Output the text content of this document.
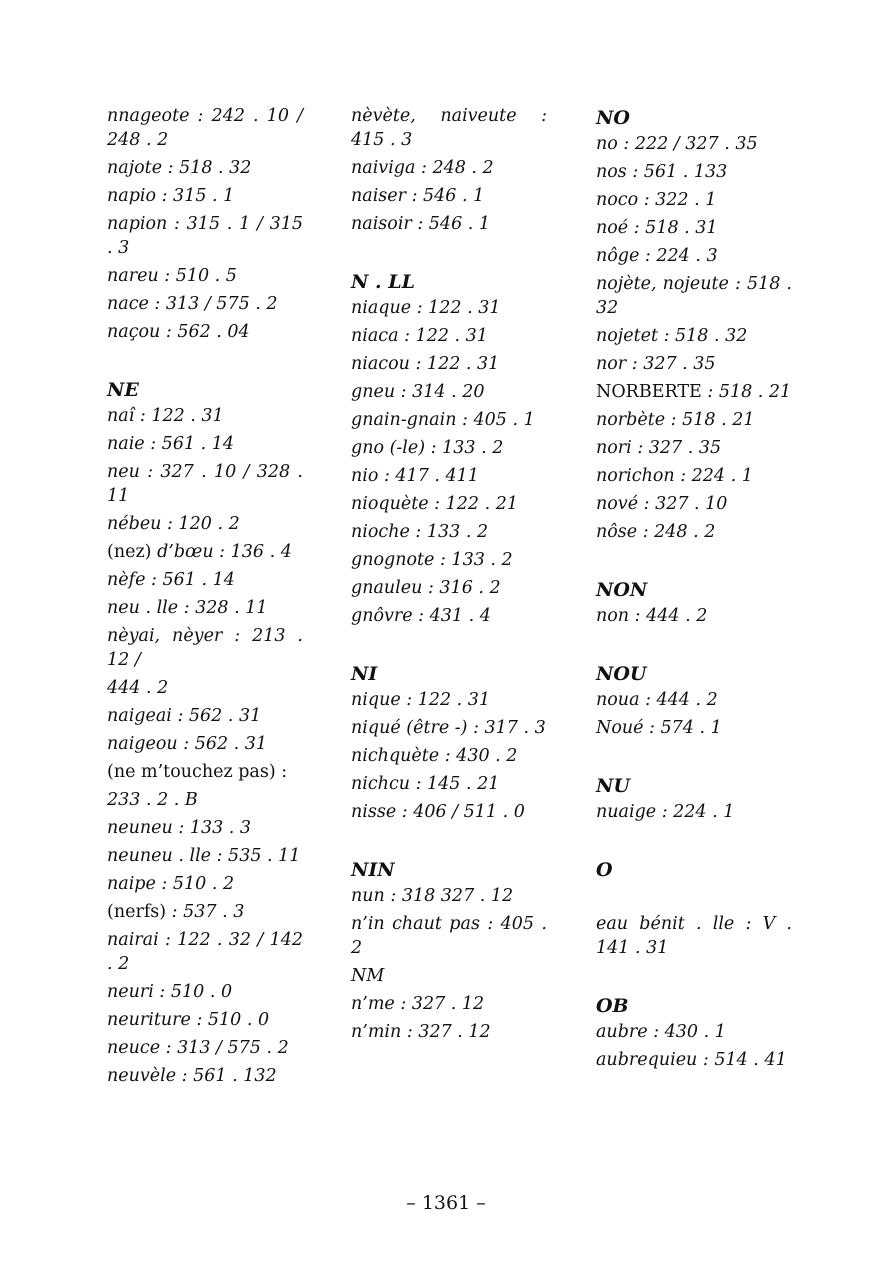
nnageote : 242 . 10 / 248 . 2
najote : 518 . 32
napio : 315 . 1
napion : 315 . 1 / 315 . 3
nareu : 510 . 5
nace : 313 / 575 . 2
naçou : 562 . 04
NE
naî : 122 . 31
naie : 561 . 14
neu : 327 . 10 / 328 . 11
nébeu : 120 . 2
(nez) d’bœu : 136 . 4
nèfe : 561 . 14
neu . lle : 328 . 11
nèyai, nèyer : 213 . 12 /
444 . 2
naigeai : 562 . 31
naigeou : 562 . 31
(ne m’touchez pas) :
233 . 2 . B
neuneu : 133 . 3
neuneu . lle : 535 . 11
naipe : 510 . 2
(nerfs) : 537 . 3
nairai : 122 . 32 / 142 . 2
neuri : 510 . 0
neuriture : 510 . 0
neuce : 313 / 575 . 2
neuvèle : 561 . 132
nèvète, naiveute : 415 . 3
naiviga : 248 . 2
naiser : 546 . 1
naisoir : 546 . 1
N . LL
niaque : 122 . 31
niaca : 122 . 31
niacou : 122 . 31
gneu : 314 . 20
gnain-gnain : 405 . 1
gno (-le) : 133 . 2
nio : 417 . 411
nioquète : 122 . 21
nioche : 133 . 2
gnognote : 133 . 2
gnauleu : 316 . 2
gnôvre : 431 . 4
NI
nique : 122 . 31
niqué (être -) : 317 . 3
nichquète : 430 . 2
nichcu : 145 . 21
nisse : 406 / 511 . 0
NIN
nun : 318 327 . 12
n’in chaut pas : 405 . 2
NM
n’me : 327 . 12
n’min : 327 . 12
NO
no : 222 / 327 . 35
nos : 561 . 133
noco : 322 . 1
noé : 518 . 31
nôge : 224 . 3
nojète, nojeute : 518 . 32
nojetet : 518 . 32
nor : 327 . 35
NORBERTE : 518 . 21
norbète : 518 . 21
nori : 327 . 35
norichon : 224 . 1
nové : 327 . 10
nôse : 248 . 2
NON
non : 444 . 2
NOU
noua : 444 . 2
Noué : 574 . 1
NU
nuaige : 224 . 1
O
eau bénit . lle : V . 141 . 31
OB
aubre : 430 . 1
aubrequieu : 514 . 41
– 1361 –
